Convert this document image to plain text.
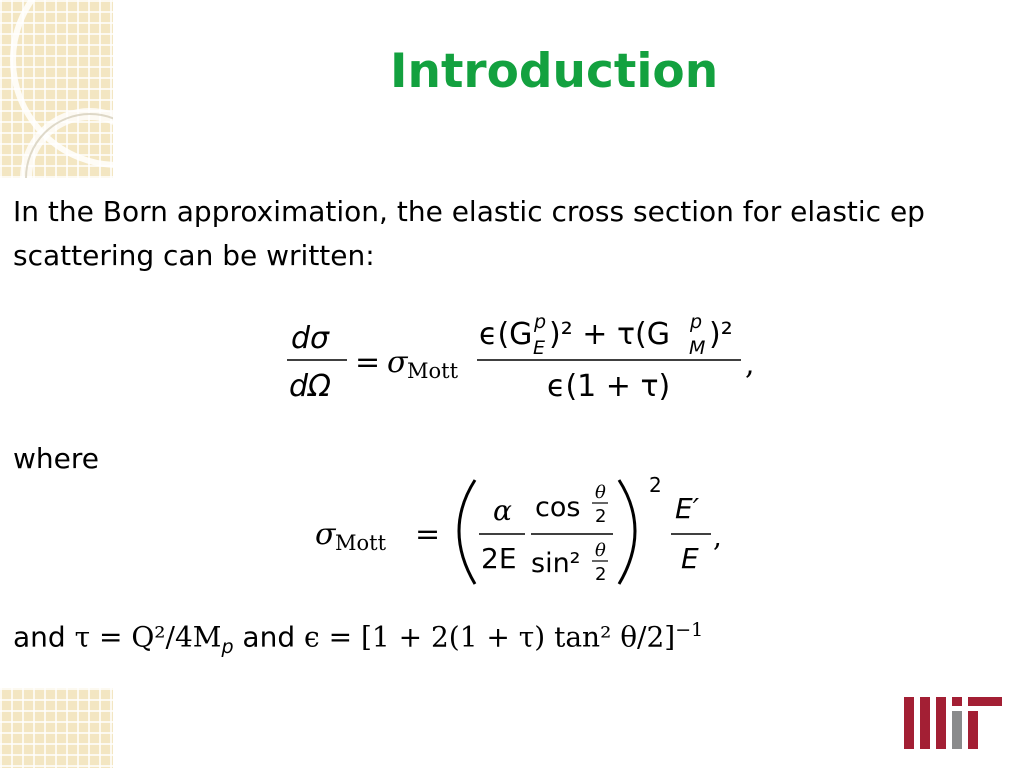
Introduction
In the Born approximation, the elastic cross section for elastic ep
scattering can be written:
dσ
dΩ
= σ Mott
ϵ(G p
E )² + τ(G p
M )²
ϵ(1 + τ)
,
where
σ Mott =
α
2E
cos θ
2
sin² θ
2
2
E′
E
,
and $\tau = Q^2/4M_p$ and ϵ = [1 + 2(1 + τ) tan² θ/2]$^{-1}$
